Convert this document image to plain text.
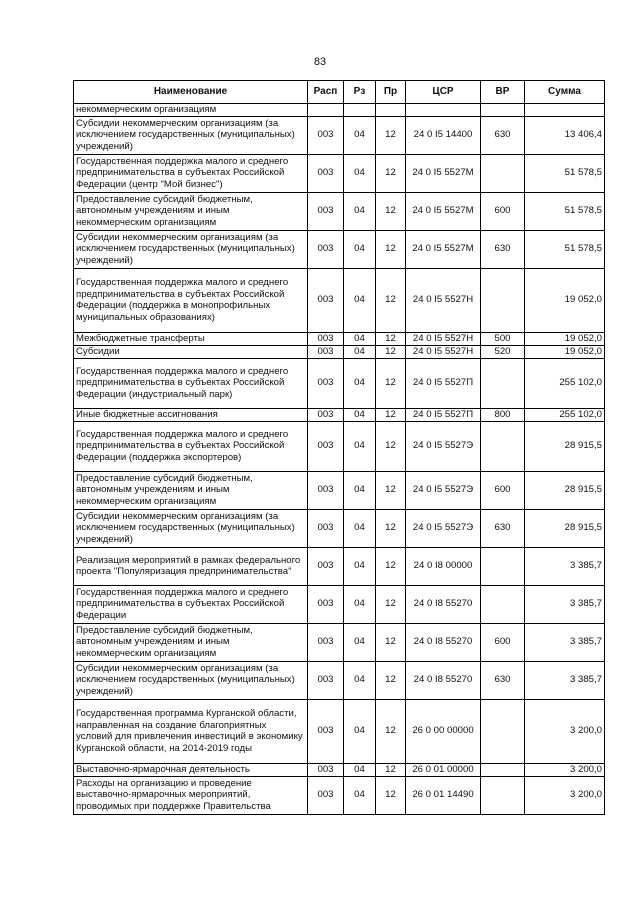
83
Наименование	Расп	Рз	Пр	ЦСР	ВР	Сумма
некоммерческим организациям						
Субсидии некоммерческим организациям (за исключением государственных (муниципальных) учреждений)	003	04	12	24 0 I5 14400	630	13 406,4
Государственная поддержка малого и среднего предпринимательства в субъектах Российской Федерации (центр "Мой бизнес")	003	04	12	24 0 I5 5527М		51 578,5
Предоставление субсидий бюджетным, автономным учреждениям и иным некоммерческим организациям	003	04	12	24 0 I5 5527М	600	51 578,5
Субсидии некоммерческим организациям (за исключением государственных (муниципальных) учреждений)	003	04	12	24 0 I5 5527М	630	51 578,5
Государственная поддержка малого и среднего предпринимательства в субъектах Российской Федерации (поддержка в монопрофильных муниципальных образованиях)	003	04	12	24 0 I5 5527Н		19 052,0
Межбюджетные трансферты	003	04	12	24 0 I5 5527Н	500	19 052,0
Субсидии	003	04	12	24 0 I5 5527Н	520	19 052,0
Государственная поддержка малого и среднего предпринимательства в субъектах Российской Федерации (индустриальный парк)	003	04	12	24 0 I5 5527П		255 102,0
Иные бюджетные ассигнования	003	04	12	24 0 I5 5527П	800	255 102,0
Государственная поддержка малого и среднего предпринимательства в субъектах Российской Федерации (поддержка экспортеров)	003	04	12	24 0 I5 5527Э		28 915,5
Предоставление субсидий бюджетным, автономным учреждениям и иным некоммерческим организациям	003	04	12	24 0 I5 5527Э	600	28 915,5
Субсидии некоммерческим организациям (за исключением государственных (муниципальных) учреждений)	003	04	12	24 0 I5 5527Э	630	28 915,5
Реализация мероприятий в рамках федерального проекта "Популяризация предпринимательства"	003	04	12	24 0 I8 00000		3 385,7
Государственная поддержка малого и среднего предпринимательства в субъектах Российской Федерации	003	04	12	24 0 I8 55270		3 385,7
Предоставление субсидий бюджетным, автономным учреждениям и иным некоммерческим организациям	003	04	12	24 0 I8 55270	600	3 385,7
Субсидии некоммерческим организациям (за исключением государственных (муниципальных) учреждений)	003	04	12	24 0 I8 55270	630	3 385,7
Государственная программа Курганской области, направленная на создание благоприятных условий для привлечения инвестиций в экономику Курганской области, на 2014-2019 годы	003	04	12	26 0 00 00000		3 200,0
Выставочно-ярмарочная деятельность	003	04	12	26 0 01 00000		3 200,0
Расходы на организацию и проведение выставочно-ярмарочных мероприятий, проводимых при поддержке Правительства	003	04	12	26 0 01 14490		3 200,0
